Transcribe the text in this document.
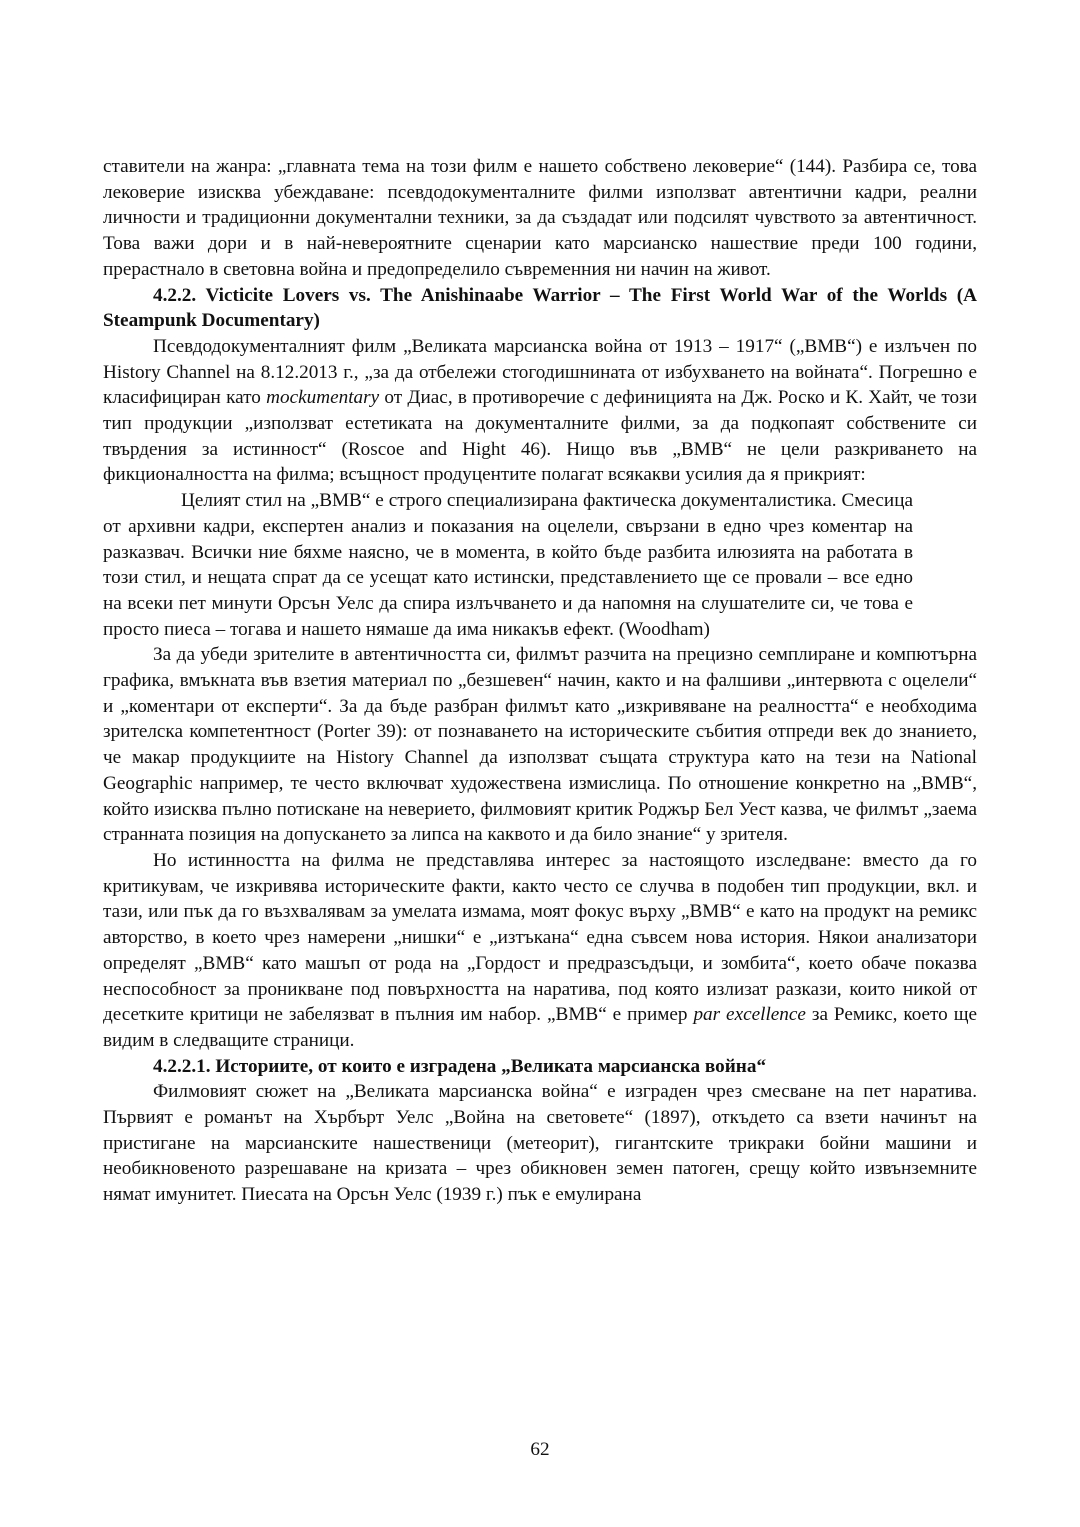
ставители на жанра: „главната тема на този филм е нашето собствено лековерие“ (144). Разбира се, това лековерие изисква убеждаване: псевдодокументалните филми използват автентични кадри, реални личности и традиционни документални техники, за да създадат или подсилят чувството за автентичност. Това важи дори и в най-невероятните сценарии като марсианско нашествие преди 100 години, прерастнало в световна война и предопределило съвременния ни начин на живот.

4.2.2. Victicite Lovers vs. The Anishinaabe Warrior – The First World War of the Worlds (A Steampunk Documentary)

Псевдодокументалният филм „Великата марсианска война от 1913 – 1917“ („ВМВ“) е излъчен по History Channel на 8.12.2013 г., „за да отбележи стогодишнината от избухването на войната“. Погрешно е класифициран като mockumentary от Диас, в противоречие с дефиницията на Дж. Роско и К. Хайт, че този тип продукции „използват естетиката на документалните филми, за да подкопаят собствените си твърдения за истинност“ (Roscoe and Hight 46). Нищо във „ВМВ“ не цели разкриването на фикционалността на филма; всъщност продуцентите полагат всякакви усилия да я прикрият:

Целият стил на „ВМВ“ е строго специализирана фактическа документалистика. Смесица от архивни кадри, експертен анализ и показания на оцелели, свързани в едно чрез коментар на разказвач. Всички ние бяхме наясно, че в момента, в който бъде разбита илюзията на работата в този стил, и нещата спрат да се усещат като истински, представлението ще се провали – все едно на всеки пет минути Орсън Уелс да спира излъчването и да напомня на слушателите си, че това е просто пиеса – тогава и нашето нямаше да има никакъв ефект. (Woodham)

За да убеди зрителите в автентичността си, филмът разчита на прецизно семплиране и компютърна графика, вмъкната във взетия материал по „безшевен“ начин, както и на фалшиви „интервюта с оцелели“ и „коментари от експерти“. За да бъде разбран филмът като „изкривяване на реалността“ е необходима зрителска компетентност (Porter 39): от познаването на историческите събития отпреди век до знанието, че макар продукциите на History Channel да използват същата структура като на тези на National Geographic например, те често включват художествена измислица. По отношение конкретно на „ВМВ“, който изисква пълно потискане на неверието, филмовият критик Роджър Бел Уест казва, че филмът „заема странната позиция на допускането за липса на каквото и да било знание“ у зрителя.

Но истинността на филма не представлява интерес за настоящото изследване: вместо да го критикувам, че изкривява историческите факти, както често се случва в подобен тип продукции, вкл. и тази, или пък да го възхвалявам за умелата измама, моят фокус върху „ВМВ“ е като на продукт на ремикс авторство, в което чрез намерени „нишки“ е „изтъкана“ една съвсем нова история. Някои анализатори определят „ВМВ“ като машъп от рода на „Гордост и предразсъдъци, и зомбита“, което обаче показва неспособност за проникване под повърхността на наратива, под която излизат разкази, които никой от десетките критици не забелязват в пълния им набор. „ВМВ“ е пример par excellence за Ремикс, което ще видим в следващите страници.

4.2.2.1. Историите, от които е изградена „Великата марсианска война“

Филмовият сюжет на „Великата марсианска война“ е изграден чрез смесване на пет наратива. Първият е романът на Хърбърт Уелс „Война на световете“ (1897), откъдето са взети начинът на пристигане на марсианските нашественици (метеорит), гигантските трикраки бойни машини и необикновеното разрешаване на кризата – чрез обикновен земен патоген, срещу който извънземните нямат имунитет. Пиесата на Орсън Уелс (1939 г.) пък е емулирана

62
